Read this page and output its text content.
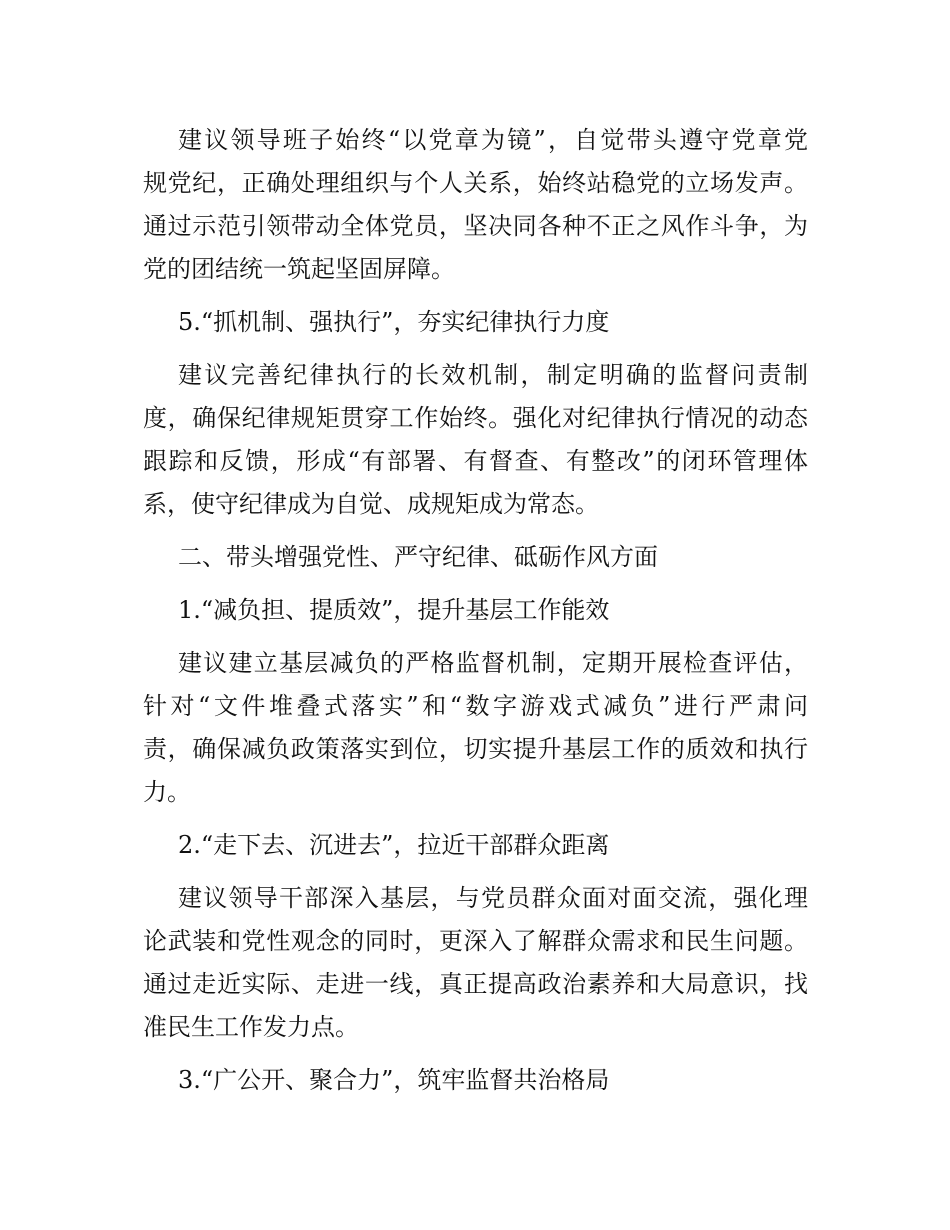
建议领导班子始终“以党章为镜”，自觉带头遵守党章党
规党纪，正确处理组织与个人关系，始终站稳党的立场发声。
通过示范引领带动全体党员，坚决同各种不正之风作斗争，为
党的团结统一筑起坚固屏障。
5.“抓机制、强执行”，夯实纪律执行力度
建议完善纪律执行的长效机制，制定明确的监督问责制
度，确保纪律规矩贯穿工作始终。强化对纪律执行情况的动态
跟踪和反馈，形成“有部署、有督查、有整改”的闭环管理体
系，使守纪律成为自觉、成规矩成为常态。
二、带头增强党性、严守纪律、砥砺作风方面
1.“减负担、提质效”，提升基层工作能效
建议建立基层减负的严格监督机制，定期开展检查评估，
针对“文件堆叠式落实”和“数字游戏式减负”进行严肃问
责，确保减负政策落实到位，切实提升基层工作的质效和执行
力。
2.“走下去、沉进去”，拉近干部群众距离
建议领导干部深入基层，与党员群众面对面交流，强化理
论武装和党性观念的同时，更深入了解群众需求和民生问题。
通过走近实际、走进一线，真正提高政治素养和大局意识，找
准民生工作发力点。
3.“广公开、聚合力”，筑牢监督共治格局
